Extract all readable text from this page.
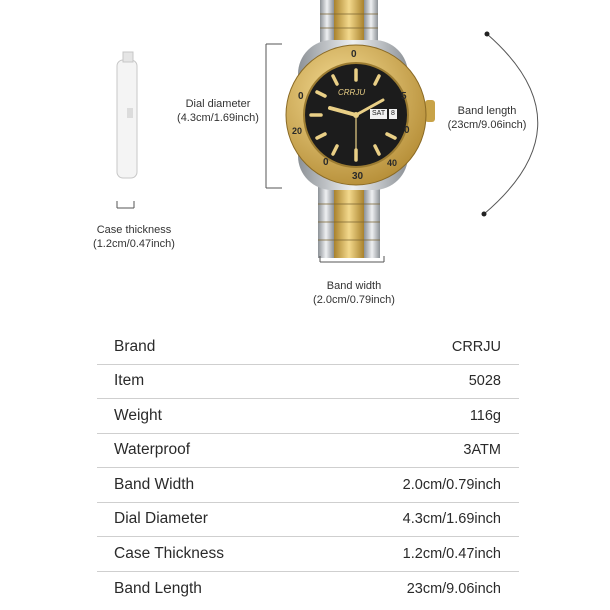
CRRJU
SAT 8
0
5
0
40
30
0
20
0
Dial diameter
(4.3cm/1.69inch)
Band length
(23cm/9.06inch)
Case thickness
(1.2cm/0.47inch)
Band width
(2.0cm/0.79inch)
Brand	CRRJU
Item	5028
Weight	116g
Waterproof	3ATM
Band Width	2.0cm/0.79inch
Dial Diameter	4.3cm/1.69inch
Case Thickness	1.2cm/0.47inch
Band Length	23cm/9.06inch
